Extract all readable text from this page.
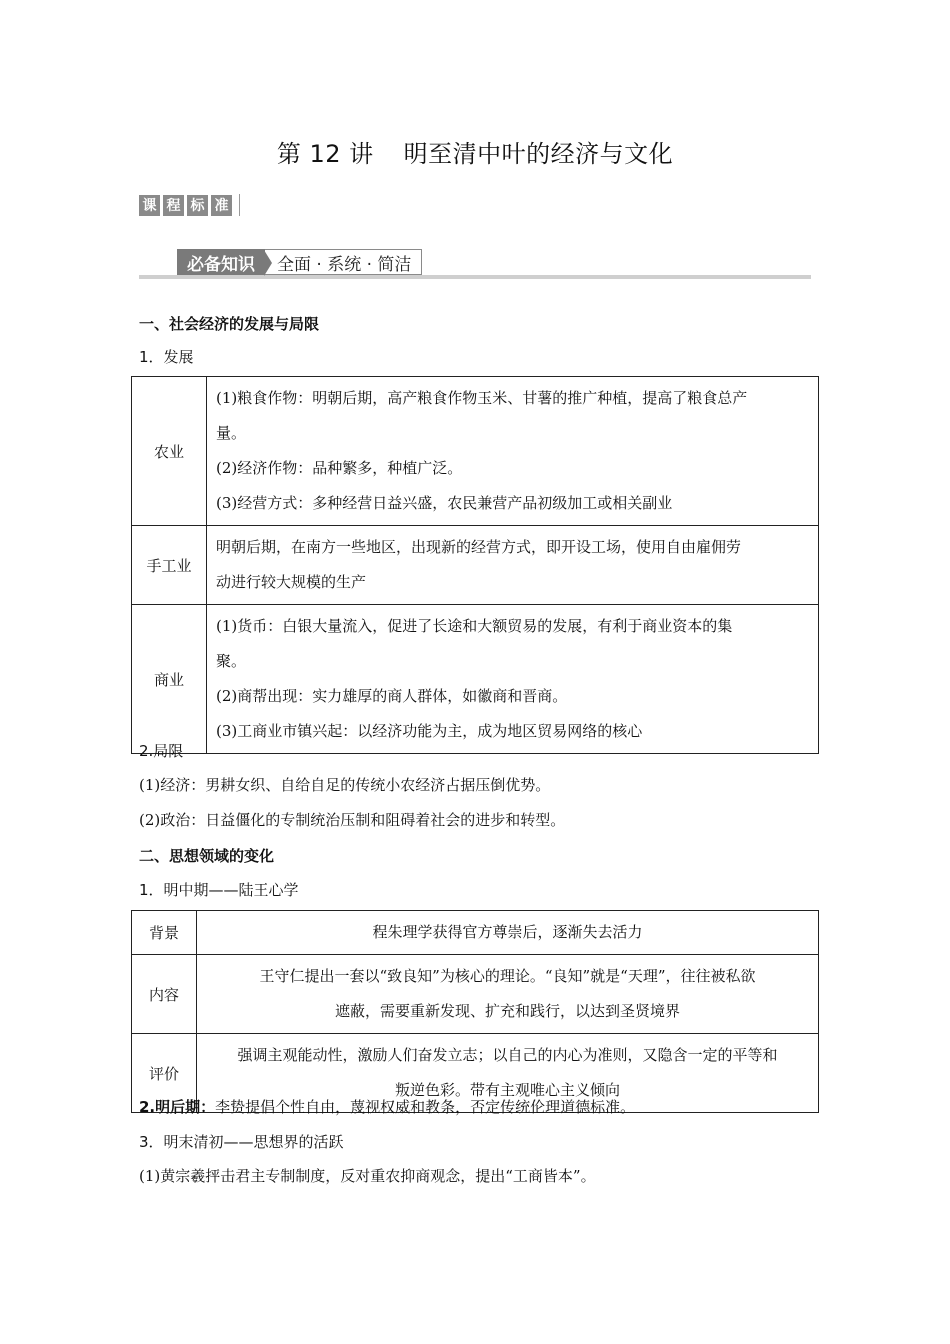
第 12 讲 明至清中叶的经济与文化
课 程 标 准
必备知识	全面 · 系统 · 简洁
一、社会经济的发展与局限
1．发展
农业	(1)粮食作物：明朝后期，高产粮食作物玉米、甘薯的推广种植，提高了粮食总产
量。
(2)经济作物：品种繁多，种植广泛。
(3)经营方式：多种经营日益兴盛，农民兼营产品初级加工或相关副业

手工业	明朝后期，在南方一些地区，出现新的经营方式，即开设工场，使用自由雇佣劳
动进行较大规模的生产

商业	(1)货币：白银大量流入，促进了长途和大额贸易的发展，有利于商业资本的集
聚。
(2)商帮出现：实力雄厚的商人群体，如徽商和晋商。
(3)工商业市镇兴起：以经济功能为主，成为地区贸易网络的核心
2.局限
(1)经济：男耕女织、自给自足的传统小农经济占据压倒优势。
(2)政治：日益僵化的专制统治压制和阻碍着社会的进步和转型。
二、思想领域的变化
1．明中期——陆王心学
背景	程朱理学获得官方尊崇后，逐渐失去活力

内容	王守仁提出一套以“致良知”为核心的理论。“良知”就是“天理”，往往被私欲
遮蔽，需要重新发现、扩充和践行，以达到圣贤境界

评价	强调主观能动性，激励人们奋发立志；以自己的内心为准则，又隐含一定的平等和
叛逆色彩。带有主观唯心主义倾向
2.明后期：李贽提倡个性自由，蔑视权威和教条，否定传统伦理道德标准。
3．明末清初——思想界的活跃
(1)黄宗羲抨击君主专制制度，反对重农抑商观念，提出“工商皆本”。
